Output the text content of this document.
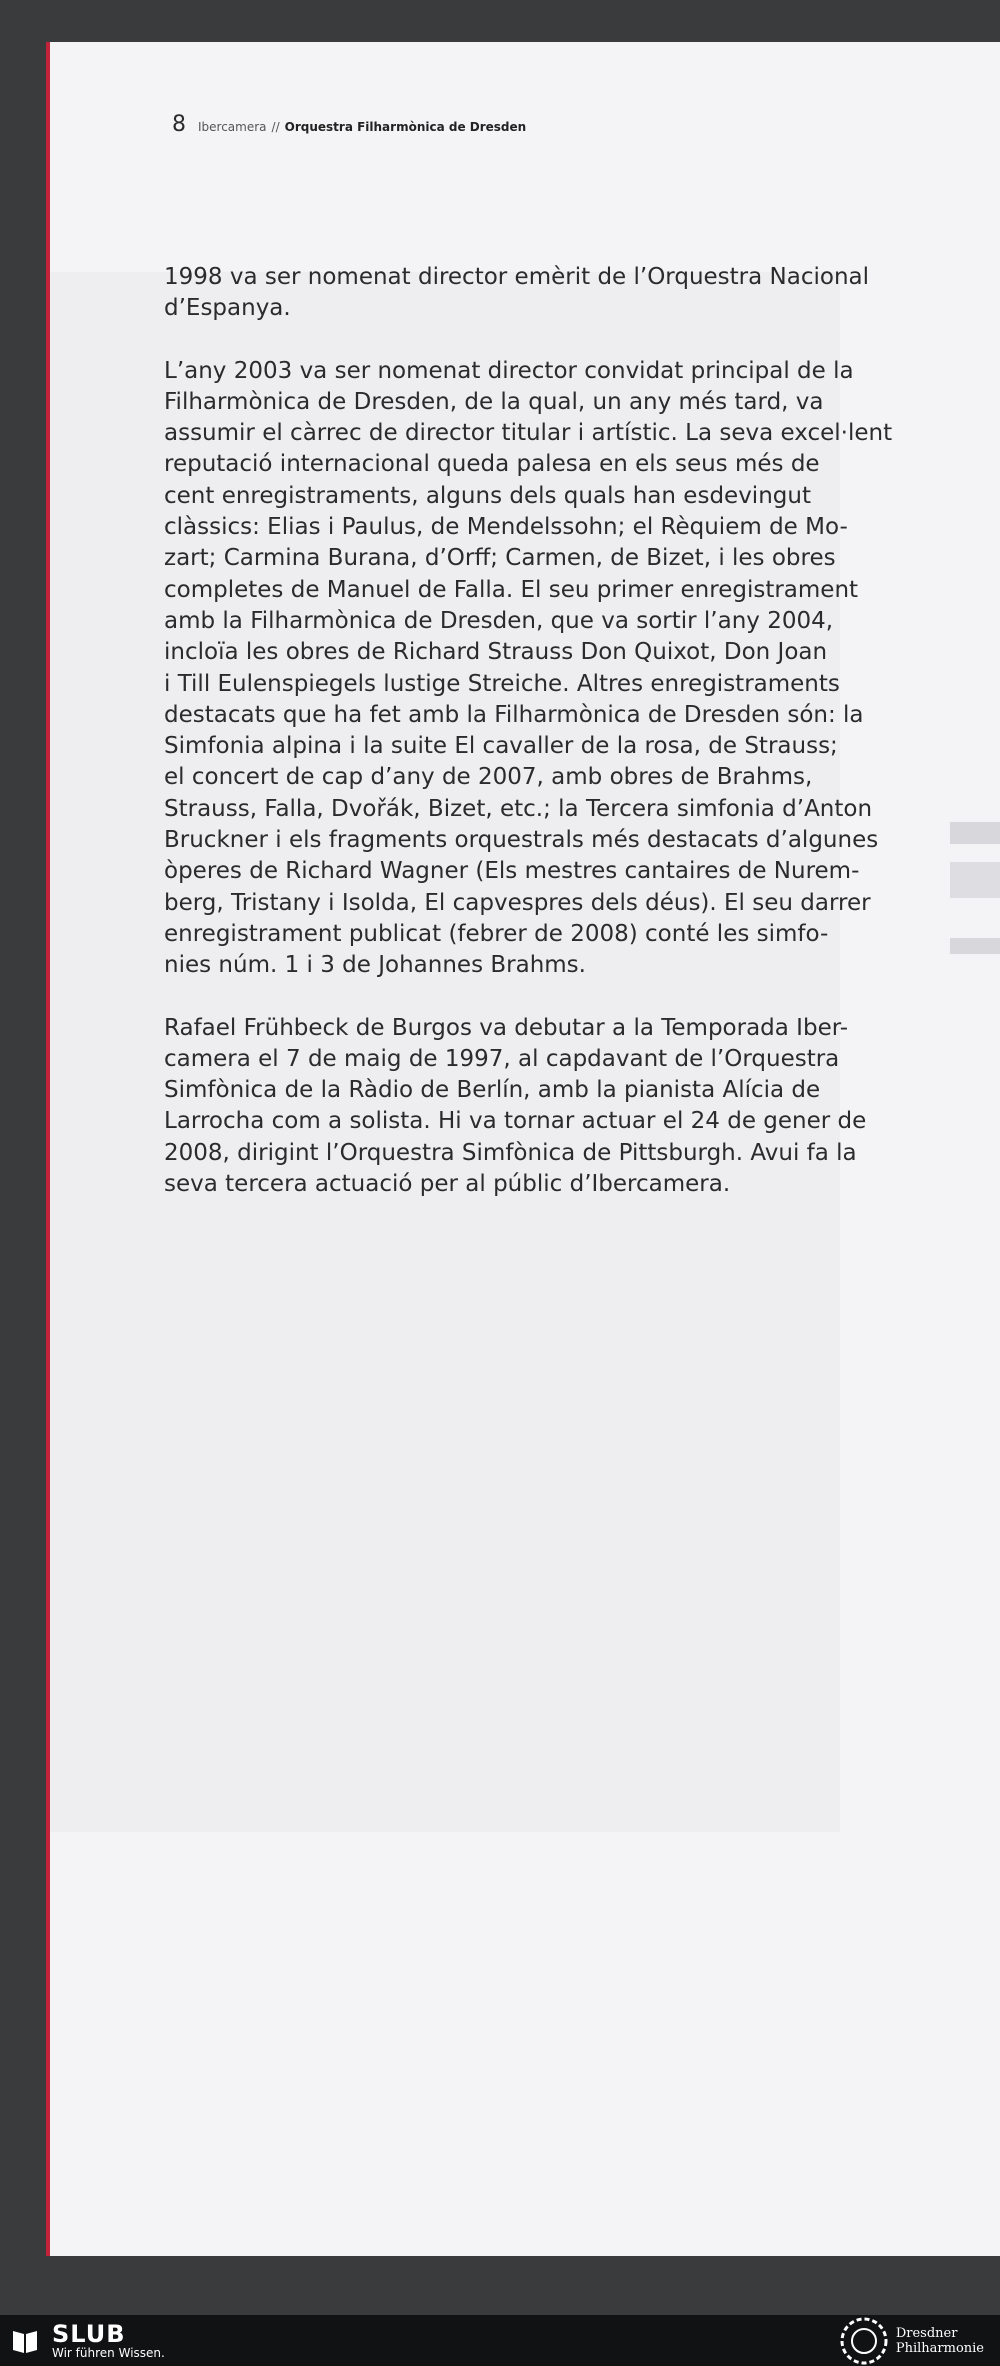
8 Ibercamera // Orquestra Filharmònica de Dresden

1998 va ser nomenat director emèrit de l’Orquestra Nacional
d’Espanya.

L’any 2003 va ser nomenat director convidat principal de la
Filharmònica de Dresden, de la qual, un any més tard, va
assumir el càrrec de director titular i artístic. La seva excel·lent
reputació internacional queda palesa en els seus més de
cent enregistraments, alguns dels quals han esdevingut
clàssics: Elias i Paulus, de Mendelssohn; el Rèquiem de Mo-
zart; Carmina Burana, d’Orff; Carmen, de Bizet, i les obres
completes de Manuel de Falla. El seu primer enregistrament
amb la Filharmònica de Dresden, que va sortir l’any 2004,
incloïa les obres de Richard Strauss Don Quixot, Don Joan
i Till Eulenspiegels lustige Streiche. Altres enregistraments
destacats que ha fet amb la Filharmònica de Dresden són: la
Simfonia alpina i la suite El cavaller de la rosa, de Strauss;
el concert de cap d’any de 2007, amb obres de Brahms,
Strauss, Falla, Dvořák, Bizet, etc.; la Tercera simfonia d’Anton
Bruckner i els fragments orquestrals més destacats d’algunes
òperes de Richard Wagner (Els mestres cantaires de Nurem-
berg, Tristany i Isolda, El capvespres dels déus). El seu darrer
enregistrament publicat (febrer de 2008) conté les simfo-
nies núm. 1 i 3 de Johannes Brahms.

Rafael Frühbeck de Burgos va debutar a la Temporada Iber-
camera el 7 de maig de 1997, al capdavant de l’Orquestra
Simfònica de la Ràdio de Berlín, amb la pianista Alícia de
Larrocha com a solista. Hi va tornar actuar el 24 de gener de
2008, dirigint l’Orquestra Simfònica de Pittsburgh. Avui fa la
seva tercera actuació per al públic d’Ibercamera.

SLUB
Wir führen Wissen.
Dresdner
Philharmonie
